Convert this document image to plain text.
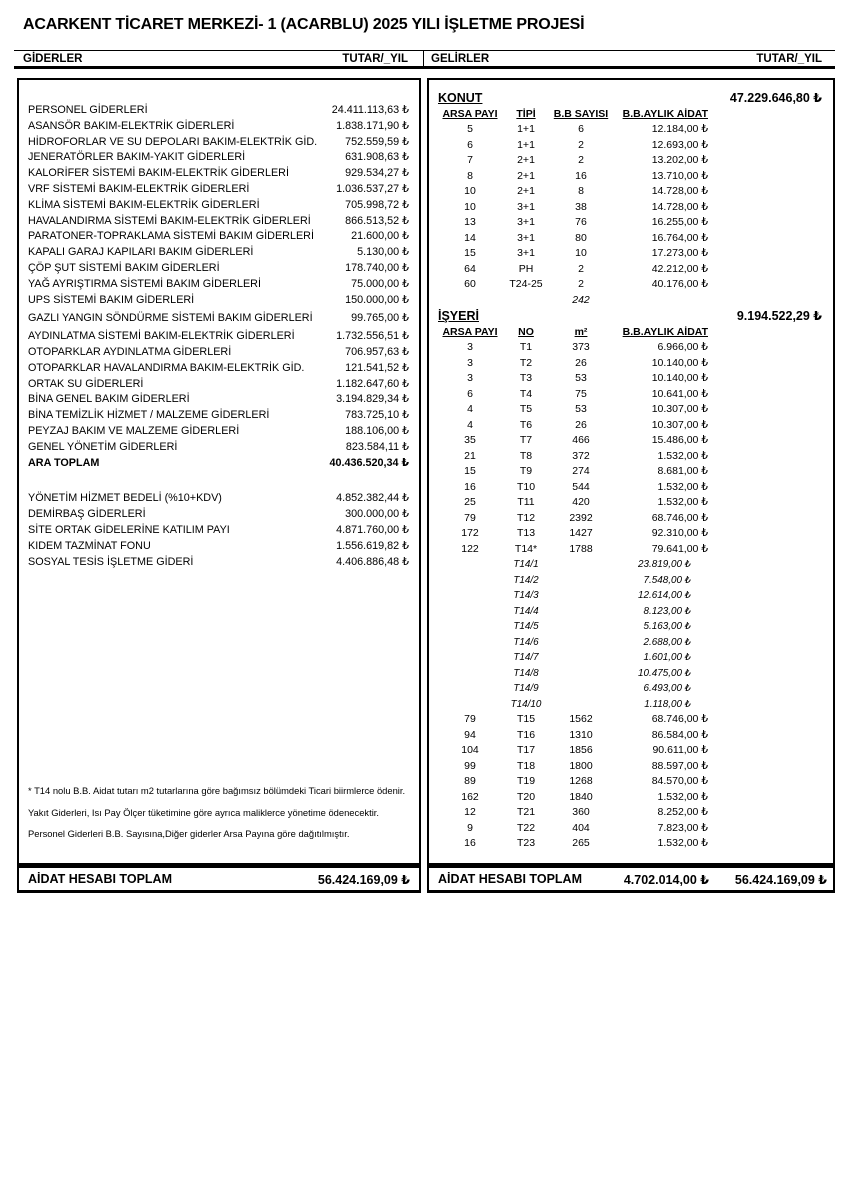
ACARKENT TİCARET MERKEZİ- 1 (ACARBLU) 2025 YILI İŞLETME PROJESİ
GİDERLER	TUTAR/_YIL GELİRLER	TUTAR/_YIL
PERSONEL GİDERLERİ	24.411.113,63 ₺
ASANSÖR BAKIM-ELEKTRİK GİDERLERİ	1.838.171,90 ₺
HİDROFORLAR VE SU DEPOLARI BAKIM-ELEKTRİK GİD.	752.559,59 ₺
JENERATÖRLER BAKIM-YAKIT GİDERLERİ	631.908,63 ₺
KALORİFER SİSTEMİ BAKIM-ELEKTRİK GİDERLERİ	929.534,27 ₺
VRF SİSTEMİ BAKIM-ELEKTRİK GİDERLERİ	1.036.537,27 ₺
KLİMA SİSTEMİ BAKIM-ELEKTRİK GİDERLERİ	705.998,72 ₺
HAVALANDIRMA SİSTEMİ BAKIM-ELEKTRİK GİDERLERİ	866.513,52 ₺
PARATONER-TOPRAKLAMA SİSTEMİ BAKIM GİDERLERİ	21.600,00 ₺
KAPALI GARAJ KAPILARI BAKIM GİDERLERİ	5.130,00 ₺
ÇÖP ŞUT SİSTEMİ BAKIM GİDERLERİ	178.740,00 ₺
YAĞ AYRIŞTIRMA SİSTEMİ BAKIM GİDERLERİ	75.000,00 ₺
UPS SİSTEMİ BAKIM GİDERLERİ	150.000,00 ₺
GAZLI YANGIN SÖNDÜRME SİSTEMİ BAKIM GİDERLERİ	99.765,00 ₺
AYDINLATMA SİSTEMİ BAKIM-ELEKTRİK GİDERLERİ	1.732.556,51 ₺
OTOPARKLAR AYDINLATMA GİDERLERİ	706.957,63 ₺
OTOPARKLAR HAVALANDIRMA BAKIM-ELEKTRİK GİD.	121.541,52 ₺
ORTAK SU GİDERLERİ	1.182.647,60 ₺
BİNA GENEL BAKIM GİDERLERİ	3.194.829,34 ₺
BİNA TEMİZLİK HİZMET / MALZEME GİDERLERİ	783.725,10 ₺
PEYZAJ BAKIM VE MALZEME GİDERLERİ	188.106,00 ₺
GENEL YÖNETİM GİDERLERİ	823.584,11 ₺
ARA TOPLAM	40.436.520,34 ₺
YÖNETİM HİZMET BEDELİ (%10+KDV)	4.852.382,44 ₺
DEMİRBAŞ GİDERLERİ	300.000,00 ₺
SİTE ORTAK GİDELERİNE KATILIM PAYI	4.871.760,00 ₺
KIDEM TAZMİNAT FONU	1.556.619,82 ₺
SOSYAL TESİS İŞLETME GİDERİ	4.406.886,48 ₺
* T14 nolu B.B. Aidat tutarı m2 tutarlarına göre bağımsız bölümdeki Ticari biirmlerce ödenir.
Yakıt Giderleri, Isı Pay Ölçer tüketimine göre ayrıca maliklerce yönetime ödenecektir.
Personel Giderleri B.B. Sayısına,Diğer giderler Arsa Payına göre dağıtılmıştır.
KONUT	47.229.646,80 ₺
ARSA PAYI TİPİ B.B SAYISI B.B.AYLIK AİDAT
5	1+1	6	12.184,00 ₺
6	1+1	2	12.693,00 ₺
7	2+1	2	13.202,00 ₺
8	2+1	16	13.710,00 ₺
10	2+1	8	14.728,00 ₺
10	3+1	38	14.728,00 ₺
13	3+1	76	16.255,00 ₺
14	3+1	80	16.764,00 ₺
15	3+1	10	17.273,00 ₺
64	PH	2	42.212,00 ₺
60	T24-25	2	40.176,00 ₺
242
İŞYERİ	9.194.522,29 ₺
ARSA PAYI NO	m²	B.B.AYLIK AİDAT
3	T1	373	6.966,00 ₺
3	T2	26	10.140,00 ₺
3	T3	53	10.140,00 ₺
6	T4	75	10.641,00 ₺
4	T5	53	10.307,00 ₺
4	T6	26	10.307,00 ₺
35	T7	466	15.486,00 ₺
21	T8	372	1.532,00 ₺
15	T9	274	8.681,00 ₺
16	T10	544	1.532,00 ₺
25	T11	420	1.532,00 ₺
79	T12	2392	68.746,00 ₺
172	T13	1427	92.310,00 ₺
122	T14*	1788	79.641,00 ₺
T14/1	23.819,00 ₺
T14/2	7.548,00 ₺
T14/3	12.614,00 ₺
T14/4	8.123,00 ₺
T14/5	5.163,00 ₺
T14/6	2.688,00 ₺
T14/7	1.601,00 ₺
T14/8	10.475,00 ₺
T14/9	6.493,00 ₺
T14/10	1.118,00 ₺
79	T15	1562	68.746,00 ₺
94	T16	1310	86.584,00 ₺
104	T17	1856	90.611,00 ₺
99	T18	1800	88.597,00 ₺
89	T19	1268	84.570,00 ₺
162	T20	1840	1.532,00 ₺
12	T21	360	8.252,00 ₺
9	T22	404	7.823,00 ₺
16	T23	265	1.532,00 ₺
AİDAT HESABI TOPLAM	56.424.169,09 ₺ AİDAT HESABI TOPLAM	4.702.014,00 ₺	56.424.169,09 ₺
